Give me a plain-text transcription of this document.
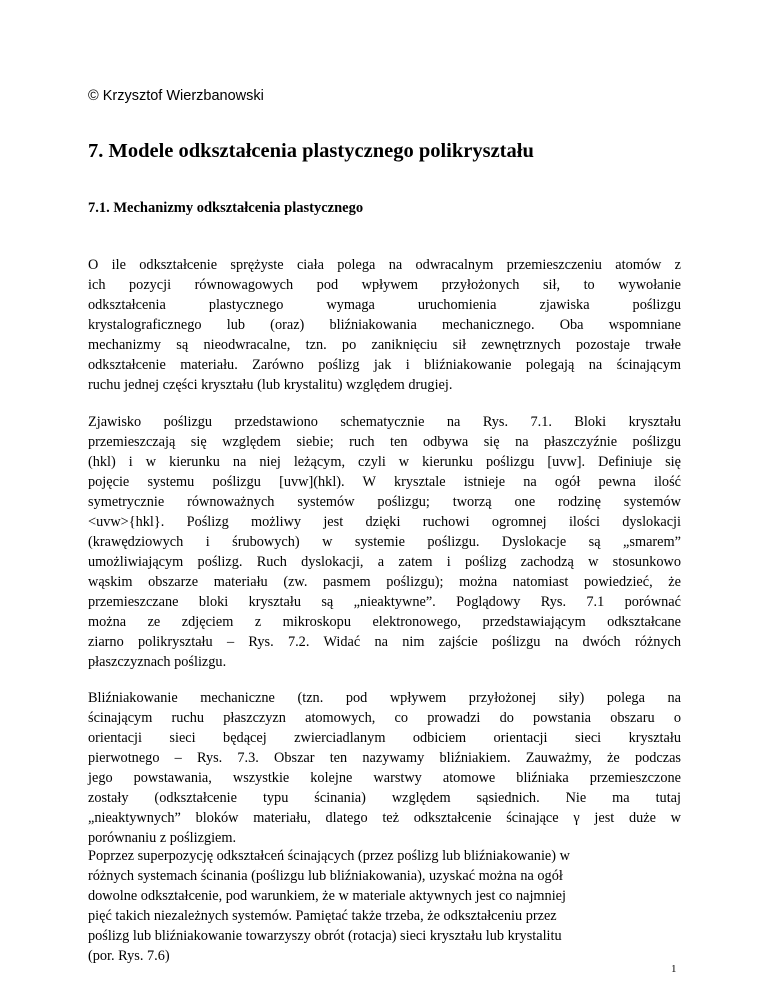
© Krzysztof Wierzbanowski
7. Modele odkształcenia plastycznego polikryształu
7.1. Mechanizmy odkształcenia plastycznego
O ile odkształcenie sprężyste ciała polega na odwracalnym przemieszczeniu atomów z
ich pozycji równowagowych pod wpływem przyłożonych sił, to wywołanie
odkształcenia plastycznego wymaga uruchomienia zjawiska poślizgu
krystalograficznego lub (oraz) bliźniakowania mechanicznego. Oba wspomniane
mechanizmy są nieodwracalne, tzn. po zaniknięciu sił zewnętrznych pozostaje trwałe
odkształcenie materiału. Zarówno poślizg jak i bliźniakowanie polegają na ścinającym
ruchu jednej części kryształu (lub krystalitu) względem drugiej.
Zjawisko poślizgu przedstawiono schematycznie na Rys. 7.1. Bloki kryształu
przemieszczają się względem siebie; ruch ten odbywa się na płaszczyźnie poślizgu
(hkl) i w kierunku na niej leżącym, czyli w kierunku poślizgu [uvw]. Definiuje się
pojęcie systemu poślizgu [uvw](hkl). W krysztale istnieje na ogół pewna ilość
symetrycznie równoważnych systemów poślizgu; tworzą one rodzinę systemów
<uvw>{hkl}. Poślizg możliwy jest dzięki ruchowi ogromnej ilości dyslokacji
(krawędziowych i śrubowych) w systemie poślizgu. Dyslokacje są „smarem”
umożliwiającym poślizg. Ruch dyslokacji, a zatem i poślizg zachodzą w stosunkowo
wąskim obszarze materiału (zw. pasmem poślizgu); można natomiast powiedzieć, że
przemieszczane bloki kryształu są „nieaktywne”. Poglądowy Rys. 7.1 porównać
można ze zdjęciem z mikroskopu elektronowego, przedstawiającym odkształcane
ziarno polikryształu – Rys. 7.2. Widać na nim zajście poślizgu na dwóch różnych
płaszczyznach poślizgu.
Bliźniakowanie mechaniczne (tzn. pod wpływem przyłożonej siły) polega na
ścinającym ruchu płaszczyzn atomowych, co prowadzi do powstania obszaru o
orientacji sieci będącej zwierciadlanym odbiciem orientacji sieci kryształu
pierwotnego – Rys. 7.3. Obszar ten nazywamy bliźniakiem. Zauważmy, że podczas
jego powstawania, wszystkie kolejne warstwy atomowe bliźniaka przemieszczone
zostały (odkształcenie typu ścinania) względem sąsiednich. Nie ma tutaj
„nieaktywnych” bloków materiału, dlatego też odkształcenie ścinające γ jest duże w
porównaniu z poślizgiem.
Poprzez superpozycję odkształceń ścinających (przez poślizg lub bliźniakowanie) w
różnych systemach ścinania (poślizgu lub bliźniakowania), uzyskać można na ogół
dowolne odkształcenie, pod warunkiem, że w materiale aktywnych jest co najmniej
pięć takich niezależnych systemów. Pamiętać także trzeba, że odkształceniu przez
poślizg lub bliźniakowanie towarzyszy obrót (rotacja) sieci kryształu lub krystalitu
(por. Rys. 7.6)
1
